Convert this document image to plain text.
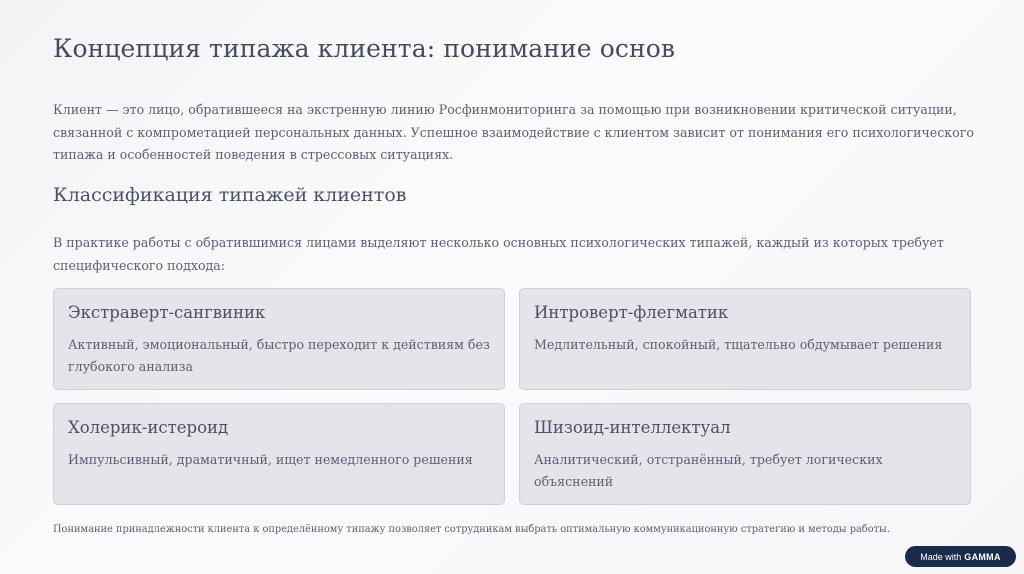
Концепция типажа клиента: понимание основ

Клиент — это лицо, обратившееся на экстренную линию Росфинмониторинга за помощью при возникновении критической ситуации, связанной с компрометацией персональных данных. Успешное взаимодействие с клиентом зависит от понимания его психологического типажа и особенностей поведения в стрессовых ситуациях.

Классификация типажей клиентов

В практике работы с обратившимися лицами выделяют несколько основных психологических типажей, каждый из которых требует специфического подхода:

Экстраверт-сангвиник

Активный, эмоциональный, быстро переходит к действиям без глубокого анализа

Интроверт-флегматик

Медлительный, спокойный, тщательно обдумывает решения

Холерик-истероид

Импульсивный, драматичный, ищет немедленного решения

Шизоид-интеллектуал

Аналитический, отстранённый, требует логических объяснений

Понимание принадлежности клиента к определённому типажу позволяет сотрудникам выбрать оптимальную коммуникационную стратегию и методы работы.

Made with GAMMA
